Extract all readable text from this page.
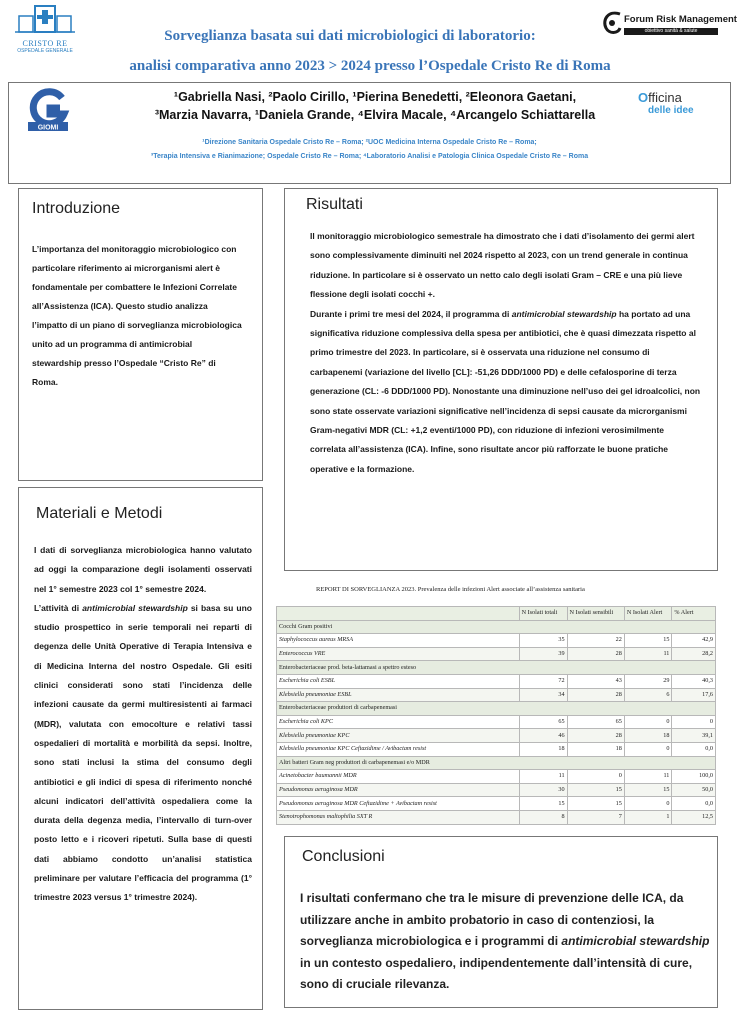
CRISTO RE
OSPEDALE GENERALE
Sorveglianza basata sui dati microbiologici di laboratorio:
analisi comparativa anno 2023 > 2024 presso l’Ospedale Cristo Re di Roma
Forum Risk Management
obiettivo sanità & salute
GIOMI
¹Gabriella Nasi, ²Paolo Cirillo, ¹Pierina Benedetti, ²Eleonora Gaetani,
³Marzia Navarra, ¹Daniela Grande, ⁴Elvira Macale, ⁴Arcangelo Schiattarella
Officina
delle idee
¹Direzione Sanitaria Ospedale Cristo Re – Roma; ²UOC Medicina Interna Ospedale Cristo Re – Roma;
³Terapia Intensiva e Rianimazione; Ospedale Cristo Re – Roma; ⁴Laboratorio Analisi e Patologia Clinica Ospedale Cristo Re – Roma
Introduzione
L’importanza del monitoraggio microbiologico con particolare riferimento ai microrganismi alert è fondamentale per combattere le Infezioni Correlate all’Assistenza (ICA). Questo studio analizza l’impatto di un piano di sorveglianza microbiologica unito ad un programma di antimicrobial stewardship presso l’Ospedale “Cristo Re” di Roma.
Materiali e Metodi
I dati di sorveglianza microbiologica hanno valutato ad oggi la comparazione degli isolamenti osservati nel 1° semestre 2023 col 1° semestre 2024.
L’attività di antimicrobial stewardship si basa su uno studio prospettico in serie temporali nei reparti di degenza delle Unità Operative di Terapia Intensiva e di Medicina Interna del nostro Ospedale. Gli esiti clinici considerati sono stati l’incidenza delle infezioni causate da germi multiresistenti ai farmaci (MDR), valutata con emocolture e relativi tassi ospedalieri di mortalità e morbilità da sepsi. Inoltre, sono stati inclusi la stima del consumo degli antibiotici e gli indici di spesa di riferimento nonché alcuni indicatori dell’attività ospedaliera come la durata della degenza media, l’intervallo di turn-over posto letto e i ricoveri ripetuti. Sulla base di questi dati abbiamo condotto un’analisi statistica preliminare per valutare l’efficacia del programma (1° trimestre 2023 versus 1° trimestre 2024).
Risultati
Il monitoraggio microbiologico semestrale ha dimostrato che i dati d’isolamento dei germi alert sono complessivamente diminuiti nel 2024 rispetto al 2023, con un trend generale in continua riduzione. In particolare si è osservato un netto calo degli isolati Gram – CRE e una più lieve flessione degli isolati cocchi +.
Durante i primi tre mesi del 2024, il programma di antimicrobial stewardship ha portato ad una significativa riduzione complessiva della spesa per antibiotici, che è quasi dimezzata rispetto al primo trimestre del 2023. In particolare, si è osservata una riduzione nel consumo di carbapenemi (variazione del livello [CL]: -51,26 DDD/1000 PD) e delle cefalosporine di terza generazione (CL: -6 DDD/1000 PD). Nonostante una diminuzione nell’uso dei gel idroalcolici, non sono state osservate variazioni significative nell’incidenza di sepsi causate da microrganismi Gram-negativi MDR (CL: +1,2 eventi/1000 PD), con riduzione di infezioni verosimilmente correlata all’assistenza (ICA). Infine, sono risultate ancor più rafforzate le buone pratiche operative e la formazione.
REPORT DI SORVEGLIANZA 2023. Prevalenza delle infezioni Alert associate all’assistenza sanitaria
	N Isolati totali	N Isolati sensibili	N Isolati Alert	% Alert
Cocchi Gram positivi				
Staphylococcus aureus MRSA	35	22	15	42,9
Enterococcus VRE	39	28	11	28,2
Enterobacteriaceae prod. beta-lattamasi a spettro esteso				
Escherichia coli ESBL	72	43	29	40,3
Klebsiella pneumoniae ESBL	34	28	6	17,6
Enterobacteriaceae produttori di carbapenemasi				
Escherichia coli KPC	65	65	0	0
Klebsiella pneumoniae KPC	46	28	18	39,1
Klebsiella pneumoniae KPC Ceftazidime / Avibactam resist	18	18	0	0,0
Altri batteri Gram neg produttori di carbapenemasi e/o MDR				
Acinetobacter baumannii MDR	11	0	11	100,0
Pseudomonas aeruginosa MDR	30	15	15	50,0
Pseudomonas aeruginosa MDR Ceftazidime + Avibactam resist	15	15	0	0,0
Stenotrophomonas maltophilia SXT R	8	7	1	12,5
Conclusioni
I risultati confermano che tra le misure di prevenzione delle ICA, da utilizzare anche in ambito probatorio in caso di contenziosi, la sorveglianza microbiologica e i programmi di antimicrobial stewardship in un contesto ospedaliero, indipendentemente dall’intensità di cure, sono di cruciale rilevanza.
